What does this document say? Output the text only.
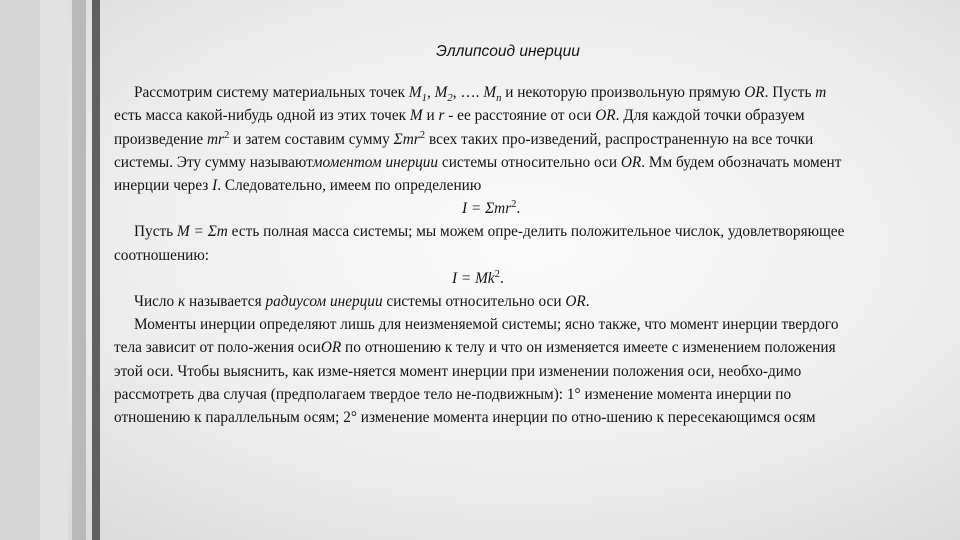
Эллипсоид инерции

Рассмотрим систему материальных точек $М_1$, $М_2$, …. $М_n$ и некоторую произвольную прямую OR. Пусть т есть масса какой-нибудь одной из этих точек М и r - ее расстояние от оси OR. Для каждой точки образуем произведение $mr^2$ и затем составим сумму Σmr$^2$ всех таких про-изведений, распространенную на все точки системы. Эту сумму называютмоментом инерции системы относительно оси OR. Мм будем обозначать момент инерции через I. Следовательно, имеем по определению

I = Σmr$^2$.

Пусть М = Σт есть полная масса системы; мы можем опре-делить положительное числок, удовлетворяющее соотношению:

$I = Мk^2$.

Число к называется радиусом инерции системы относительно оси OR.

Моменты инерции определяют лишь для неизменяемой системы; ясно также, что момент инерции твердого тела зависит от поло-жения осиOR по отношению к телу и что он изменяется имеете с изменением положения этой оси. Чтобы выяснить, как изме-няется момент инерции при изменении положения оси, необхо-димо рассмотреть два случая (предполагаем твердое тело не-подвижным): 1° изменение момента инерции по отношению к параллельным осям; 2° изменение момента инерции по отно-шению к пересекающимся осям
